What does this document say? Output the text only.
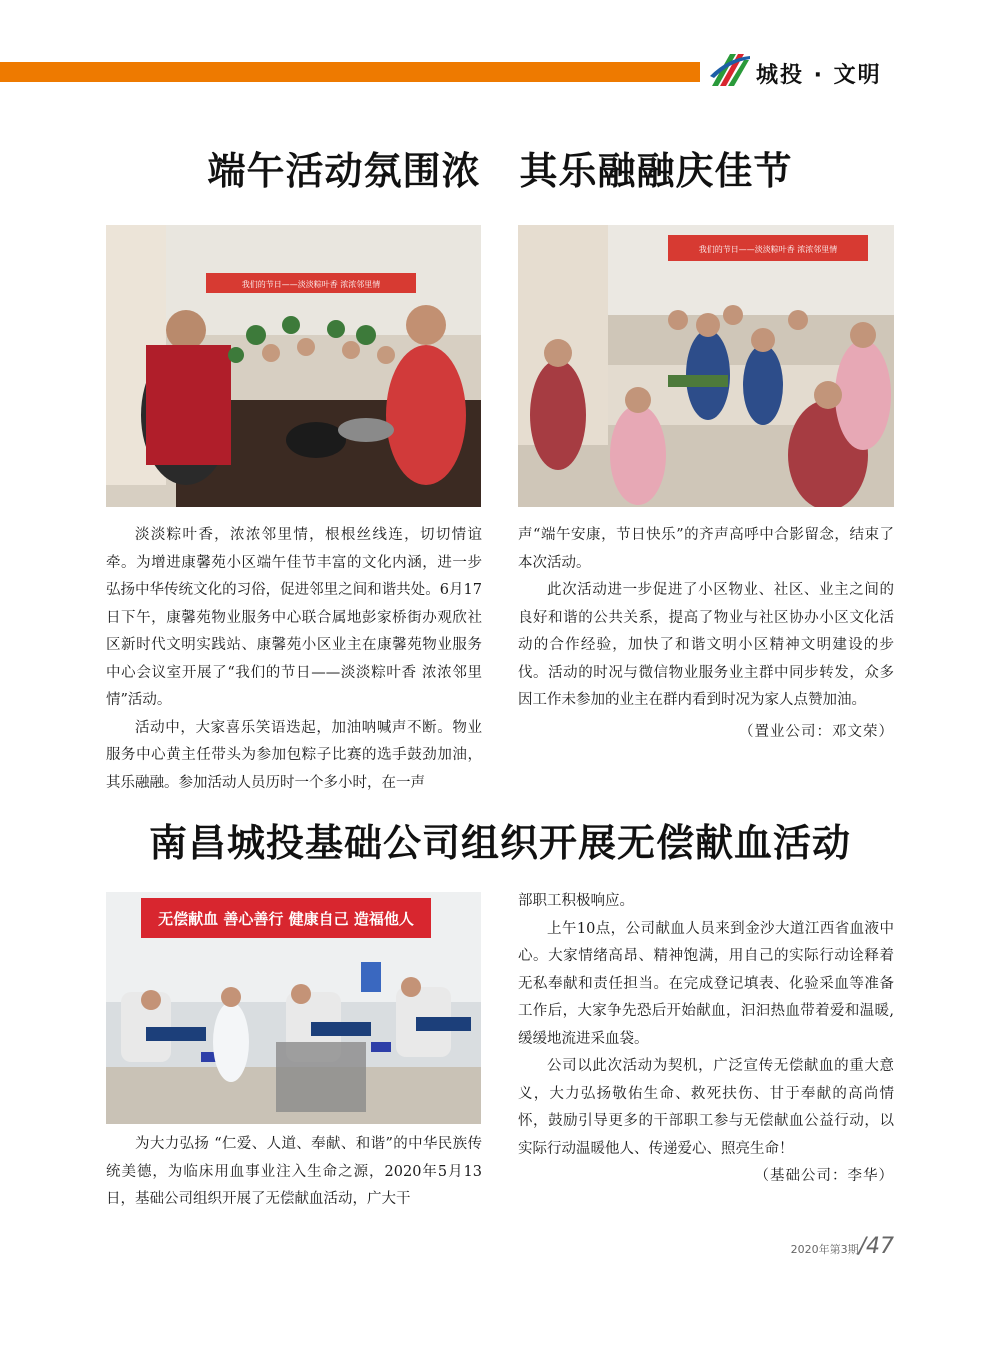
城投 · 文明
端午活动氛围浓　其乐融融庆佳节
我们的节日——淡淡粽叶香 浓浓邻里情
我们的节日——淡淡粽叶香 浓浓邻里情

淡淡粽叶香，浓浓邻里情，根根丝线连，切切情谊牵。为增进康馨苑小区端午佳节丰富的文化内涵，进一步弘扬中华传统文化的习俗，促进邻里之间和谐共处。6月17日下午，康馨苑物业服务中心联合属地彭家桥街办观欣社区新时代文明实践站、康馨苑小区业主在康馨苑物业服务中心会议室开展了“我们的节日——淡淡粽叶香 浓浓邻里情”活动。

活动中，大家喜乐笑语迭起，加油呐喊声不断。物业服务中心黄主任带头为参加包粽子比赛的选手鼓劲加油，其乐融融。参加活动人员历时一个多小时，在一声

声“端午安康，节日快乐”的齐声高呼中合影留念，结束了本次活动。

此次活动进一步促进了小区物业、社区、业主之间的良好和谐的公共关系，提高了物业与社区协办小区文化活动的合作经验，加快了和谐文明小区精神文明建设的步伐。活动的时况与微信物业服务业主群中同步转发，众多因工作未参加的业主在群内看到时况为家人点赞加油。

（置业公司：邓文荣）

南昌城投基础公司组织开展无偿献血活动
无偿献血 善心善行 健康自己 造福他人

为大力弘扬 “仁爱、人道、奉献、和谐”的中华民族传统美德，为临床用血事业注入生命之源，2020年5月13日，基础公司组织开展了无偿献血活动，广大干

部职工积极响应。

上午10点，公司献血人员来到金沙大道江西省血液中心。大家情绪高昂、精神饱满，用自己的实际行动诠释着无私奉献和责任担当。在完成登记填表、化验采血等准备工作后，大家争先恐后开始献血，汩汩热血带着爱和温暖,缓缓地流进采血袋。

公司以此次活动为契机，广泛宣传无偿献血的重大意义，大力弘扬敬佑生命、救死扶伤、甘于奉献的高尚情怀，鼓励引导更多的干部职工参与无偿献血公益行动，以实际行动温暖他人、传递爱心、照亮生命！

（基础公司：李华）

2020年第3期/47
